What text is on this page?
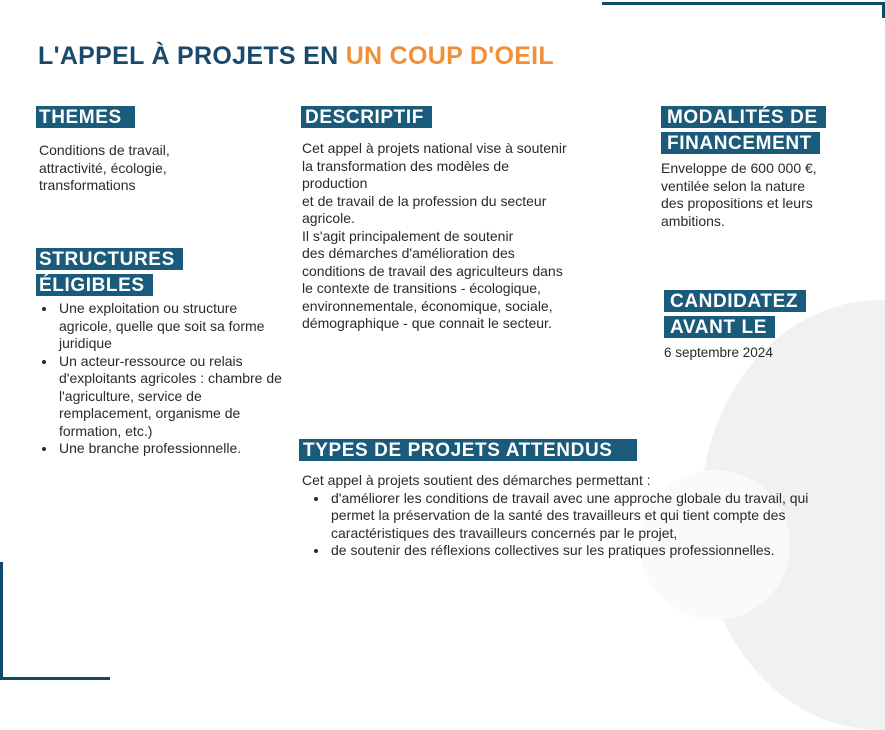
L'APPEL À PROJETS EN UN COUP D'OEIL
THEMES

Conditions de travail,

attractivité, écologie,

transformations

STRUCTURES
ÉLIGIBLES
• Une exploitation ou structure agricole, quelle que soit sa forme juridique
• Un acteur-ressource ou relais d'exploitants agricoles : chambre de l'agriculture, service de remplacement, organisme de formation, etc.)
• Une branche professionnelle.
DESCRIPTIF

Cet appel à projets national vise à soutenir

la transformation des modèles de

production

et de travail de la profession du secteur

agricole.

Il s'agit principalement de soutenir

des démarches d'amélioration des

conditions de travail des agriculteurs dans

le contexte de transitions - écologique,

environnementale, économique, sociale,

démographique - que connait le secteur.

MODALITÉS DE
FINANCEMENT

Enveloppe de 600 000 €,

ventilée selon la nature

des propositions et leurs

ambitions.

CANDIDATEZ
AVANT LE
6 septembre 2024
TYPES DE PROJETS ATTENDUS
Cet appel à projets soutient des démarches permettant :
• d'améliorer les conditions de travail avec une approche globale du travail, qui permet la préservation de la santé des travailleurs et qui tient compte des caractéristiques des travailleurs concernés par le projet,
• de soutenir des réflexions collectives sur les pratiques professionnelles.
